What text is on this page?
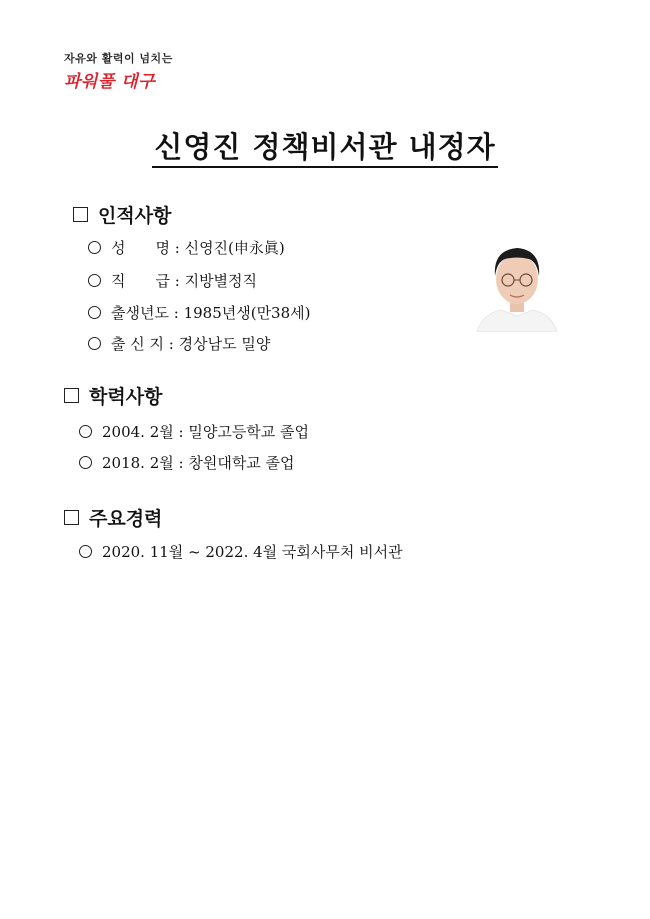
자유와 활력이 넘치는
파워풀 대구
신영진 정책비서관 내정자
인적사항
성　　명 : 신영진(申永眞)
직　　급 : 지방별정직
출생년도 : 1985년생(만38세)
출 신 지 : 경상남도 밀양
학력사항
2004. 2월 : 밀양고등학교 졸업
2018. 2월 : 창원대학교 졸업
주요경력
2020. 11월 ~ 2022. 4월 국회사무처 비서관
